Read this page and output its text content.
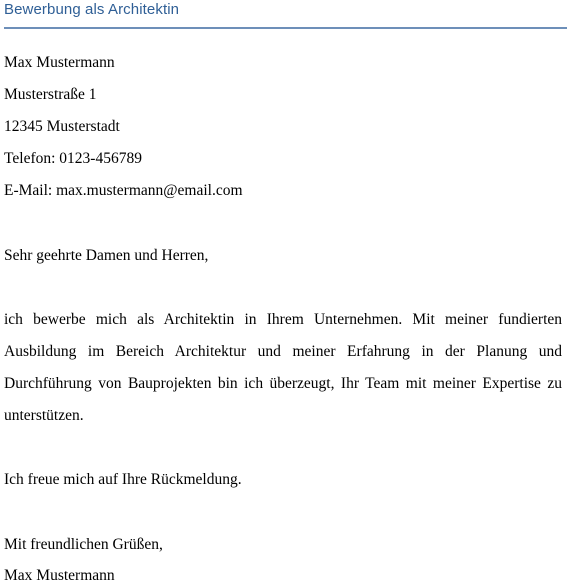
Bewerbung als Architektin
Max Mustermann
Musterstraße 1
12345 Musterstadt
Telefon: 0123-456789
E-Mail: max.mustermann@email.com
Sehr geehrte Damen und Herren,
ich bewerbe mich als Architektin in Ihrem Unternehmen. Mit meiner fundierten
Ausbildung im Bereich Architektur und meiner Erfahrung in der Planung und
Durchführung von Bauprojekten bin ich überzeugt, Ihr Team mit meiner Expertise zu
unterstützen.
Ich freue mich auf Ihre Rückmeldung.
Mit freundlichen Grüßen,
Max Mustermann
